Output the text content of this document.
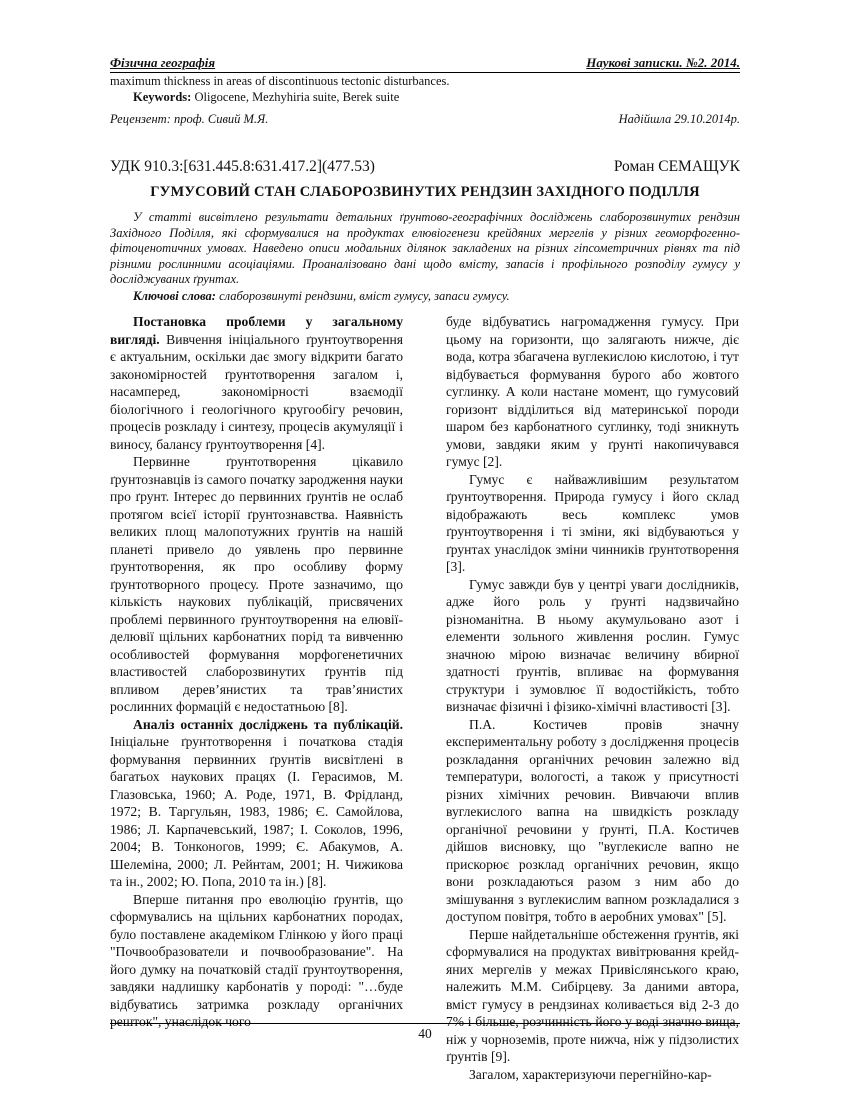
Фізична географія	Наукові записки. №2. 2014.
maximum thickness in areas of discontinuous tectonic disturbances.
Keywords: Oligocene, Mezhyhiria suite, Berek suite
Рецензент: проф. Сивий М.Я.	Надійшла 29.10.2014р.
УДК 910.3:[631.445.8:631.417.2](477.53)	Роман СЕМАЩУК
ГУМУСОВИЙ СТАН СЛАБОРОЗВИНУТИХ РЕНДЗИН ЗАХІДНОГО ПОДІЛЛЯ

У статті висвітлено результати детальних ґрунтово-географічних досліджень слаборозвинутих рендзин Західного Поділля, які сформувалися на продуктах елювіогенези крейдяних мергелів у різних геоморфогенно-фітоценотичних умовах. Наведено описи модальних ділянок закладених на різних гіпсометричних рівнях та під різними рослинними асоціаціями. Проаналізовано дані щодо вмісту, запасів і профільного розподілу гумусу у досліджуваних ґрунтах.

Ключові слова: слаборозвинуті рендзини, вміст гумусу, запаси гумусу.

Постановка проблеми у загальному вигляді. Вивчення ініціального ґрунтоутворення є актуальним, оскільки дає змогу відкрити багато закономірностей ґрунтотворення загалом і, насамперед, закономірності взаємодії біологічного і геологічного кругообігу речовин, процесів розкладу і синтезу, процесів акумуляції і виносу, балансу ґрунтоутворення [4].

Первинне ґрунтотворення цікавило ґрунтознавців із самого початку зародження науки про ґрунт. Інтерес до первинних ґрунтів не ослаб протягом всієї історії ґрунтознавства. Наявність великих площ малопотужних ґрунтів на нашій планеті привело до уявлень про первинне ґрунтотворення, як про особливу форму ґрунтотворного процесу. Проте зазначимо, що кількість наукових публікацій, присвячених проблемі первинного ґрунтоутворення на елювії-делювії щільних карбонатних порід та вивченню особливостей формування морфогенетичних властивостей слаборозвинутих ґрунтів під впливом дерев’янистих та трав’янистих рослинних формацій є недостатньою [8].

Аналіз останніх досліджень та публікацій. Ініціальне ґрунтотворення і початкова стадія формування первинних ґрунтів висвітлені в багатьох наукових працях (І. Герасимов, М. Глазовська, 1960; А. Роде, 1971, В. Фрідланд, 1972; В. Таргульян, 1983, 1986; Є. Самойлова, 1986; Л. Карпачевський, 1987; І. Соколов, 1996, 2004; В. Тонконогов, 1999; Є. Абакумов, А. Шелеміна, 2000; Л. Рейнтам, 2001; Н. Чижикова та ін., 2002; Ю. Попа, 2010 та ін.) [8].

Вперше питання про еволюцію ґрунтів, що сформувались на щільних карбонатних породах, було поставлене академіком Глінкою у його праці "Почвообразователи и почвообразование". На його думку на початковій стадії ґрунтоутворення, завдяки надлишку карбонатів у породі: "…буде відбуватись затримка розкладу органічних решток", унаслідок чого

буде відбуватись нагромадження гумусу. При цьому на горизонти, що залягають нижче, діє вода, котра збагачена вуглекислою кислотою, і тут відбувається формування бурого або жовтого суглинку. А коли настане момент, що гумусовий горизонт відділиться від материнської породи шаром без карбонатного суглинку, тоді зникнуть умови, завдяки яким у ґрунті накопичувався гумус [2].

Гумус є найважливішим результатом ґрунтоутворення. Природа гумусу і його склад відображають весь комплекс умов ґрунтоутворення і ті зміни, які відбуваються у ґрунтах унаслідок зміни чинників ґрунтотворення [3].

Гумус завжди був у центрі уваги дослідників, адже його роль у ґрунті надзвичайно різноманітна. В ньому акумульовано азот і елементи зольного живлення рослин. Гумус значною мірою визначає величину вбирної здатності ґрунтів, впливає на формування структури і зумовлює її водостійкість, тобто визначає фізичні і фізико-хімічні властивості [3].

П.А. Костичев провів значну експериментальну роботу з дослідження процесів розкладання органічних речовин залежно від температури, вологості, а також у присутності різних хімічних речовин. Вивчаючи вплив вуглекислого вапна на швидкість розкладу органічної речовини у ґрунті, П.А. Костичев дійшов висновку, що "вуглекисле вапно не прискорює розклад органічних речовин, якщо вони розкладаються разом з ним або до змішування з вуглекислим вапном розкладалися з доступом повітря, тобто в аеробних умовах" [5].

Перше найдетальніше обстеження ґрунтів, які сформувалися на продуктах вивітрювання крейд-яних мергелів у межах Привіслянського краю, належить М.М. Сибірцеву. За даними автора, вміст гумусу в рендзинах коливається від 2-3 до 7% і більше, розчинність його у воді значно вища, ніж у чорноземів, проте нижча, ніж у підзолистих ґрунтів [9].

Загалом, характеризуючи перегнійно-кар-

40
